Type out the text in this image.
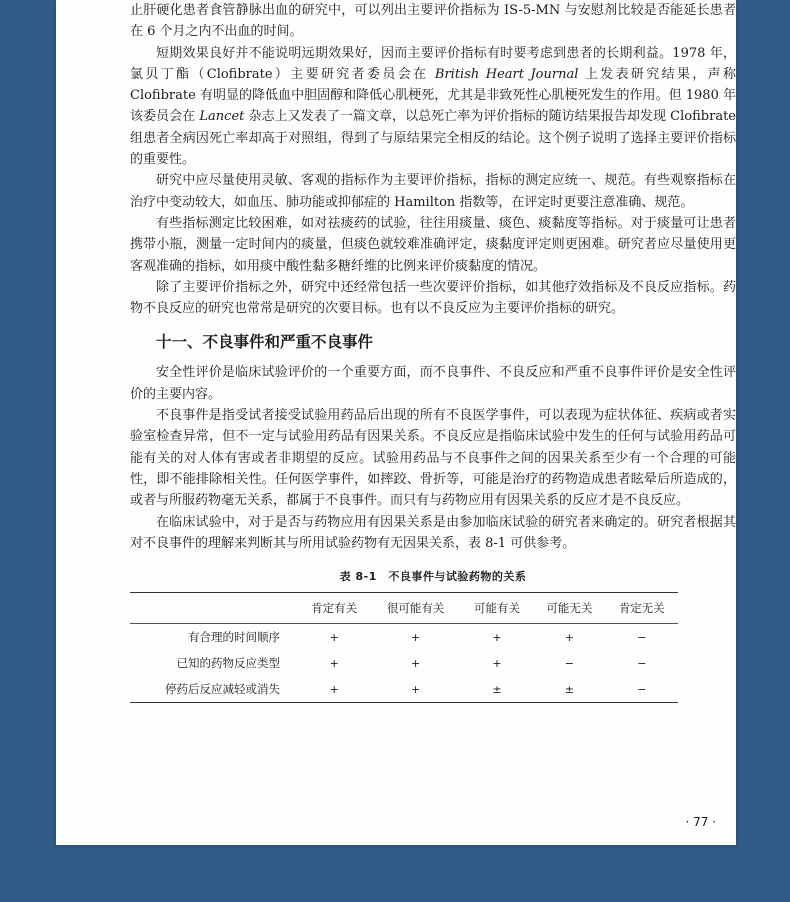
止肝硬化患者食管静脉出血的研究中，可以列出主要评价指标为 IS-5-MN 与安慰剂比较是否能延长患者在 6 个月之内不出血的时间。

短期效果良好并不能说明远期效果好，因而主要评价指标有时要考虑到患者的长期利益。1978 年，氯贝丁酯（Clofibrate）主要研究者委员会在 British Heart Journal 上发表研究结果，声称 Clofibrate 有明显的降低血中胆固醇和降低心肌梗死，尤其是非致死性心肌梗死发生的作用。但 1980 年该委员会在 Lancet 杂志上又发表了一篇文章，以总死亡率为评价指标的随访结果报告却发现 Clofibrate 组患者全病因死亡率却高于对照组，得到了与原结果完全相反的结论。这个例子说明了选择主要评价指标的重要性。

研究中应尽量使用灵敏、客观的指标作为主要评价指标，指标的测定应统一、规范。有些观察指标在治疗中变动较大，如血压、肺功能或抑郁症的 Hamilton 指数等，在评定时更要注意准确、规范。

有些指标测定比较困难，如对祛痰药的试验，往往用痰量、痰色、痰黏度等指标。对于痰量可让患者携带小瓶，测量一定时间内的痰量，但痰色就较难准确评定，痰黏度评定则更困难。研究者应尽量使用更客观准确的指标，如用痰中酸性黏多糖纤维的比例来评价痰黏度的情况。

除了主要评价指标之外，研究中还经常包括一些次要评价指标，如其他疗效指标及不良反应指标。药物不良反应的研究也常常是研究的次要目标。也有以不良反应为主要评价指标的研究。

十一、不良事件和严重不良事件

安全性评价是临床试验评价的一个重要方面，而不良事件、不良反应和严重不良事件评价是安全性评价的主要内容。

不良事件是指受试者接受试验用药品后出现的所有不良医学事件，可以表现为症状体征、疾病或者实验室检查异常，但不一定与试验用药品有因果关系。不良反应是指临床试验中发生的任何与试验用药品可能有关的对人体有害或者非期望的反应。试验用药品与不良事件之间的因果关系至少有一个合理的可能性，即不能排除相关性。任何医学事件，如摔跤、骨折等，可能是治疗的药物造成患者眩晕后所造成的，或者与所服药物毫无关系，都属于不良事件。而只有与药物应用有因果关系的反应才是不良反应。

在临床试验中，对于是否与药物应用有因果关系是由参加临床试验的研究者来确定的。研究者根据其对不良事件的理解来判断其与所用试验药物有无因果关系，表 8-1 可供参考。

表 8-1　不良事件与试验药物的关系
	肯定有关	很可能有关	可能有关	可能无关	肯定无关
有合理的时间顺序	+	+	+	+	−
已知的药物反应类型	+	+	+	−	−
停药后反应减轻或消失	+	+	±	±	−
· 77 ·
